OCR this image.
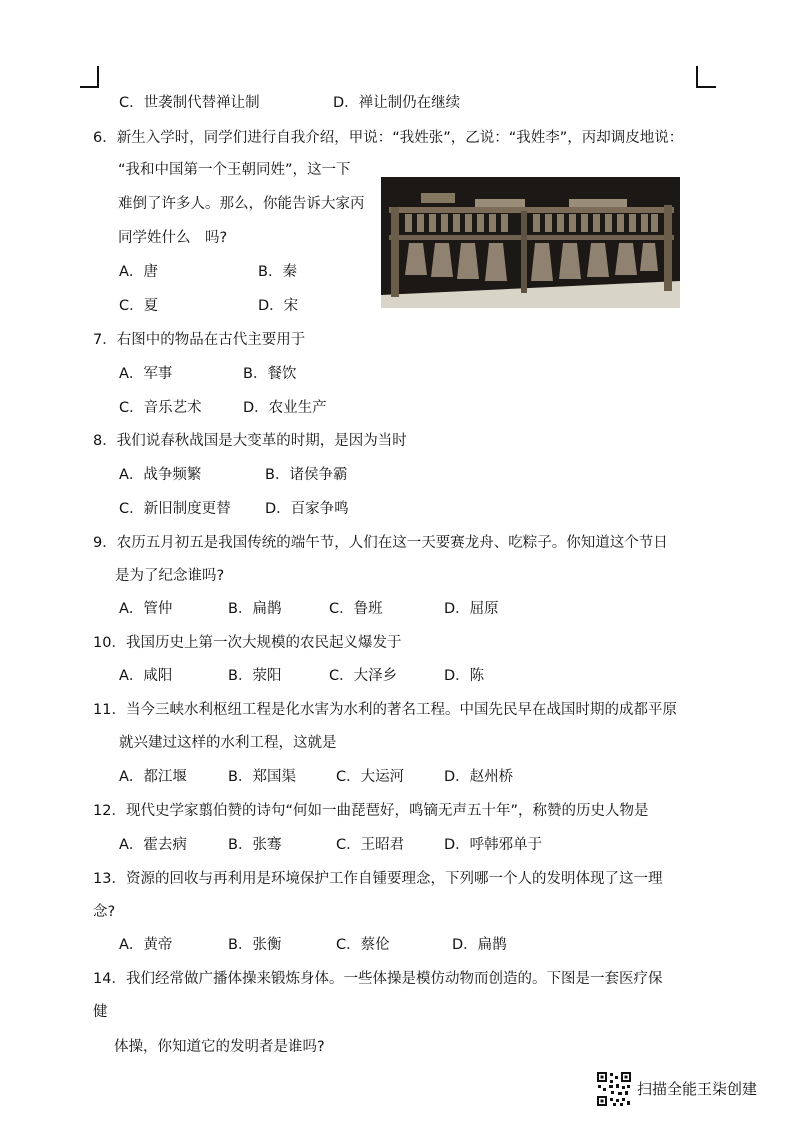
C．世袭制代替禅让制	D．禅让制仍在继续
6．新生入学时，同学们进行自我介绍，甲说：“我姓张”，乙说：“我姓李”，丙却调皮地说：
“我和中国第一个王朝同姓”，这一下
难倒了许多人。那么，你能告诉大家丙
同学姓什么　吗?
A．唐	B．秦
C．夏	D．宋
7．右图中的物品在古代主要用于
A．军事	B．餐饮
C．音乐艺术	D．农业生产
8．我们说春秋战国是大变革的时期，是因为当时
A．战争频繁	B．诸侯争霸
C．新旧制度更替 D．百家争鸣
9．农历五月初五是我国传统的端午节，人们在这一天要赛龙舟、吃粽子。你知道这个节日
是为了纪念谁吗?
A．管仲	B．扁鹊	C．鲁班	D．屈原
10．我国历史上第一次大规模的农民起义爆发于
A．咸阳	B．荥阳	C．大泽乡	D．陈
11．当今三峡水利枢纽工程是化水害为水利的著名工程。中国先民早在战国时期的成都平原
就兴建过这样的水利工程，这就是
A．都江堰	B．郑国渠	C．大运河	D．赵州桥
12．现代史学家翦伯赞的诗句“何如一曲琵琶好，鸣镝无声五十年”，称赞的历史人物是
A．霍去病	B．张骞	C．王昭君	D．呼韩邪单于
13．资源的回收与再利用是环境保护工作自锺要理念，下列哪一个人的发明体现了这一理
念?
A．黄帝	B．张衡	C．蔡伦	D．扁鹊
14．我们经常做广播体操来锻炼身体。一些体操是模仿动物而创造的。下图是一套医疗保
健
体操，你知道它的发明者是谁吗?
扫描全能王柒创建
